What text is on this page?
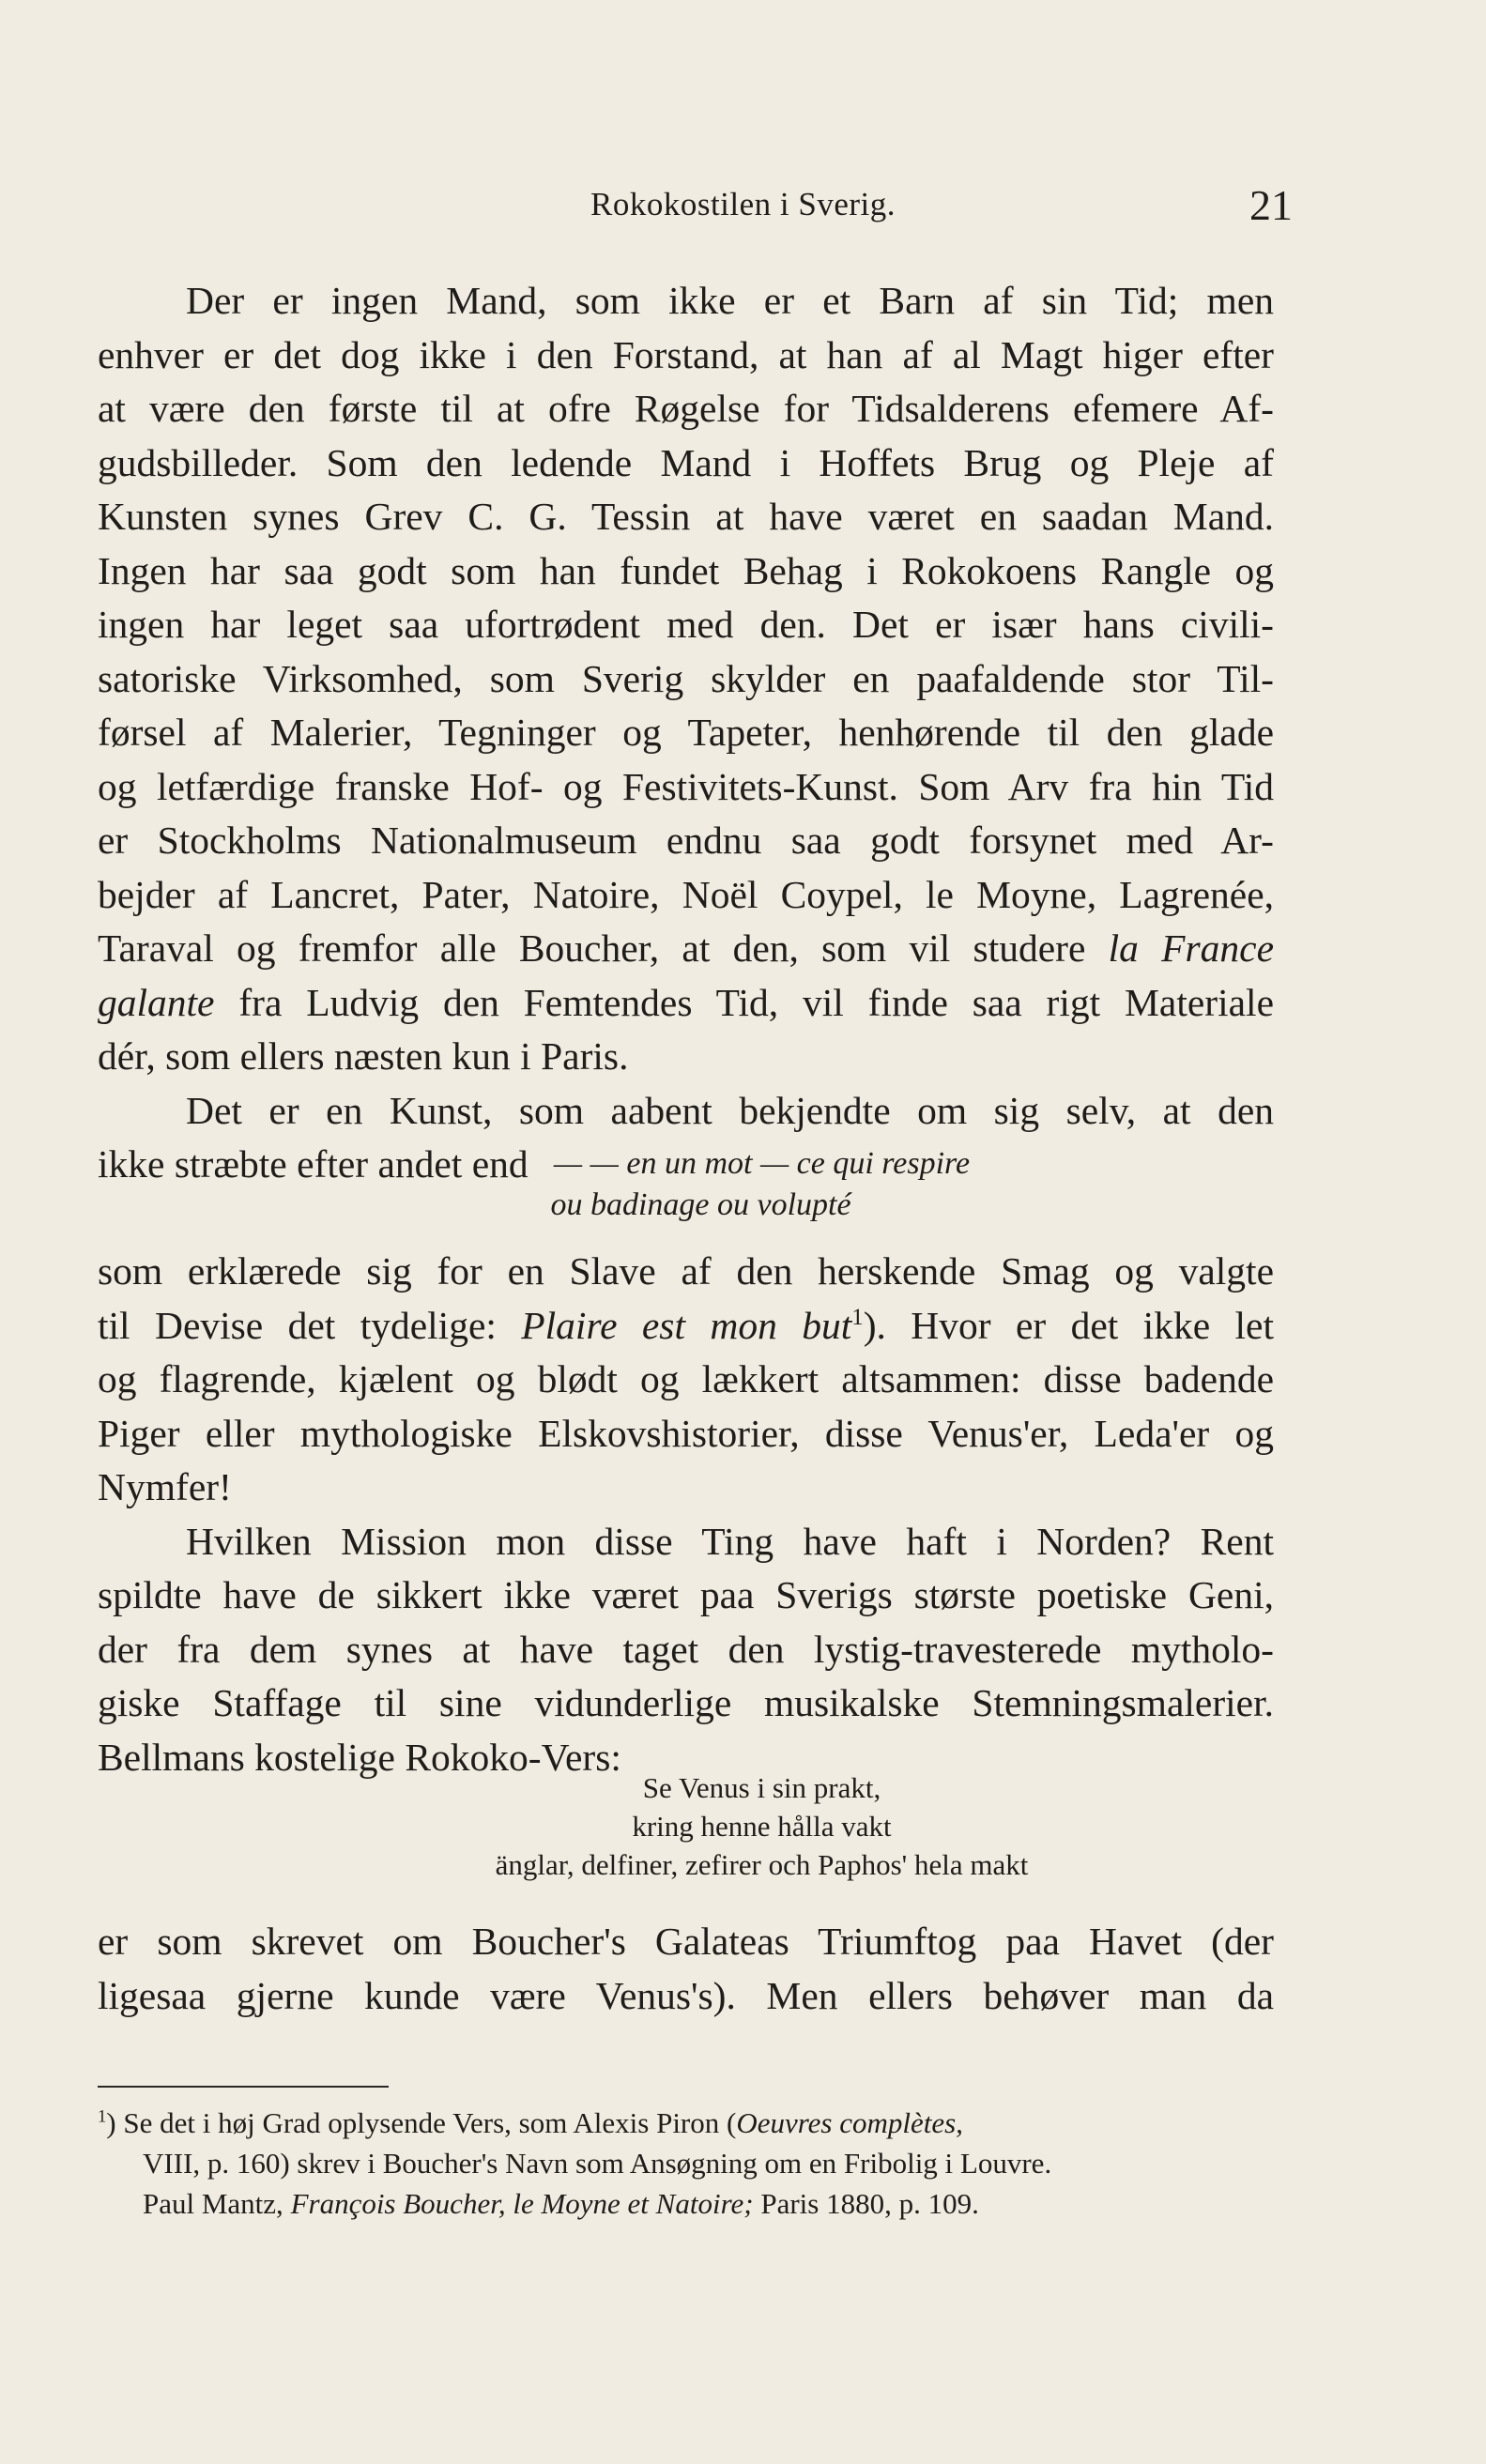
Rokokostilen i Sverig.	21
Der er ingen Mand, som ikke er et Barn af sin Tid; men
enhver er det dog ikke i den Forstand, at han af al Magt higer efter
at være den første til at ofre Røgelse for Tidsalderens efemere Af-
gudsbilleder. Som den ledende Mand i Hoffets Brug og Pleje af
Kunsten synes Grev C. G. Tessin at have været en saadan Mand.
Ingen har saa godt som han fundet Behag i Rokokoens Rangle og
ingen har leget saa ufortrødent med den. Det er især hans civili-
satoriske Virksomhed, som Sverig skylder en paafaldende stor Til-
førsel af Malerier, Tegninger og Tapeter, henhørende til den glade
og letfærdige franske Hof- og Festivitets-Kunst. Som Arv fra hin Tid
er Stockholms Nationalmuseum endnu saa godt forsynet med Ar-
bejder af Lancret, Pater, Natoire, Noël Coypel, le Moyne, Lagrenée,
Taraval og fremfor alle Boucher, at den, som vil studere la France
galante fra Ludvig den Femtendes Tid, vil finde saa rigt Materiale
dér, som ellers næsten kun i Paris.
Det er en Kunst, som aabent bekjendte om sig selv, at den
ikke stræbte efter andet end — — en un mot — ce qui respire
ou badinage ou volupté
som erklærede sig for en Slave af den herskende Smag og valgte
til Devise det tydelige: Plaire est mon but$^1$). Hvor er det ikke let
og flagrende, kjælent og blødt og lækkert altsammen: disse badende
Piger eller mythologiske Elskovshistorier, disse Venus'er, Leda'er og
Nymfer!
Hvilken Mission mon disse Ting have haft i Norden? Rent
spildte have de sikkert ikke været paa Sverigs største poetiske Geni,
der fra dem synes at have taget den lystig-travesterede mytholo-
giske Staffage til sine vidunderlige musikalske Stemningsmalerier.
Bellmans kostelige Rokoko-Vers:
Se Venus i sin prakt,
kring henne hålla vakt
änglar, delfiner, zefirer och Paphos' hela makt
er som skrevet om Boucher's Galateas Triumftog paa Havet (der
ligesaa gjerne kunde være Venus's). Men ellers behøver man da
$^1$) Se det i høj Grad oplysende Vers, som Alexis Piron (Oeuvres complètes,
VIII, p. 160) skrev i Boucher's Navn som Ansøgning om en Fribolig i Louvre.
Paul Mantz, François Boucher, le Moyne et Natoire; Paris 1880, p. 109.
